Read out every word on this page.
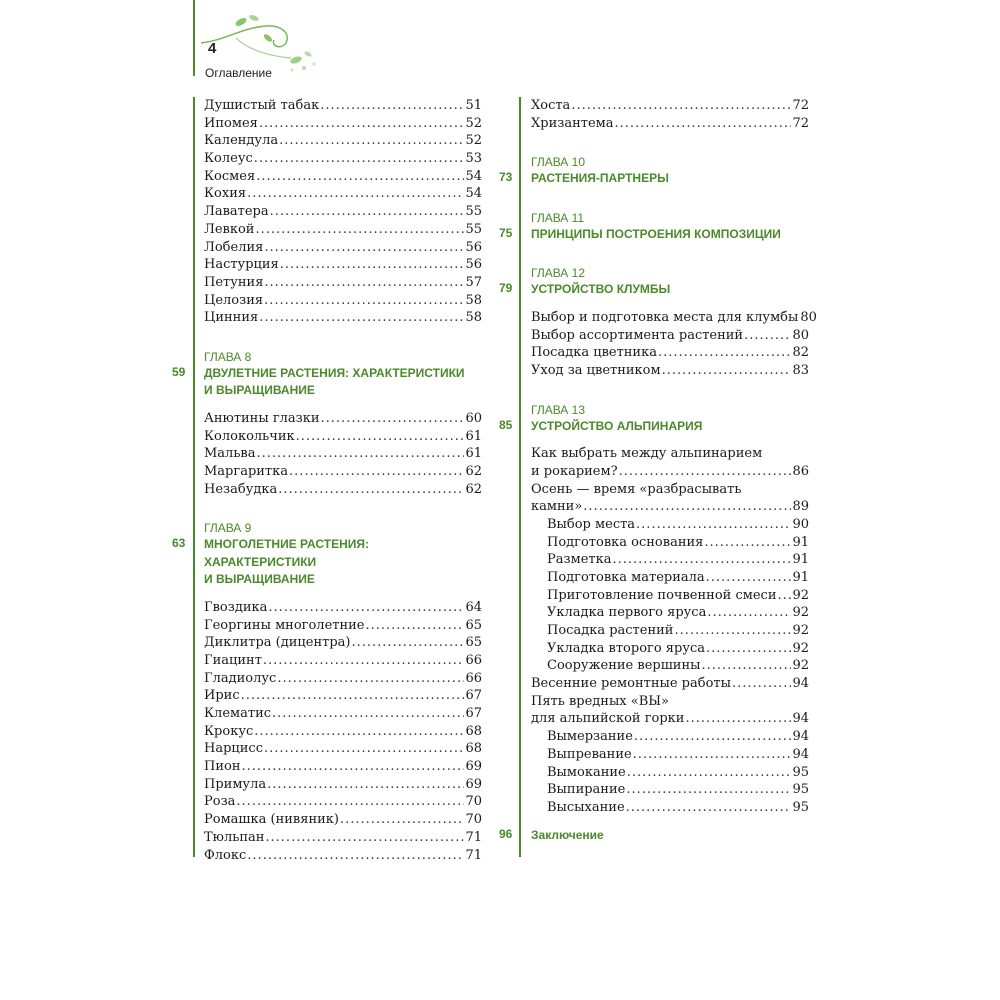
4
Оглавление
Душистый табак .....	51
Ипомея .....	52
Календула .....	52
Колеус .....	53
Космея .....	54
Кохия .....	54
Лаватера .....	55
Левкой .....	55
Лобелия .....	56
Настурция .....	56
Петуния .....	57
Целозия .....	58
Цинния .....	58
59
ГЛАВА 8
ДВУЛЕТНИЕ РАСТЕНИЯ: ХАРАКТЕРИСТИКИ
И ВЫРАЩИВАНИЕ
Анютины глазки .....	60
Колокольчик .....	61
Мальва .....	61
Маргаритка .....	62
Незабудка .....	62
63
ГЛАВА 9
МНОГОЛЕТНИЕ РАСТЕНИЯ:
ХАРАКТЕРИСТИКИ
И ВЫРАЩИВАНИЕ
Гвоздика .....	64
Георгины многолетние .....	65
Диклитра (дицентра) .....	65
Гиацинт .....	66
Гладиолус .....	66
Ирис .....	67
Клематис .....	67
Крокус .....	68
Нарцисс .....	68
Пион .....	69
Примула .....	69
Роза .....	70
Ромашка (нивяник) .....	70
Тюльпан .....	71
Флокс .....	71
Хоста .....	72
Хризантема .....	72
73
ГЛАВА 10
РАСТЕНИЯ-ПАРТНЕРЫ
75
ГЛАВА 11
ПРИНЦИПЫ ПОСТРОЕНИЯ КОМПОЗИЦИИ
79
ГЛАВА 12
УСТРОЙСТВО КЛУМБЫ
Выбор и подготовка места для клумбы 80
Выбор ассортимента растений .....	80
Посадка цветника .....	82
Уход за цветником .....	83
85
ГЛАВА 13
УСТРОЙСТВО АЛЬПИНАРИЯ
Как выбрать между альпинарием
и рокарием? .....	86
Осень — время «разбрасывать
камни» .....	89
Выбор места .....	90
Подготовка основания .....	91
Разметка .....	91
Подготовка материала .....	91
Приготовление почвенной смеси ..... 92
Укладка первого яруса .....	92
Посадка растений .....	92
Укладка второго яруса .....	92
Сооружение вершины .....	92
Весенние ремонтные работы .....	94
Пять вредных «ВЫ»
для альпийской горки .....	94
Вымерзание .....	94
Выпревание .....	94
Вымокание .....	95
Выпирание .....	95
Высыхание .....	95
96 Заключение
